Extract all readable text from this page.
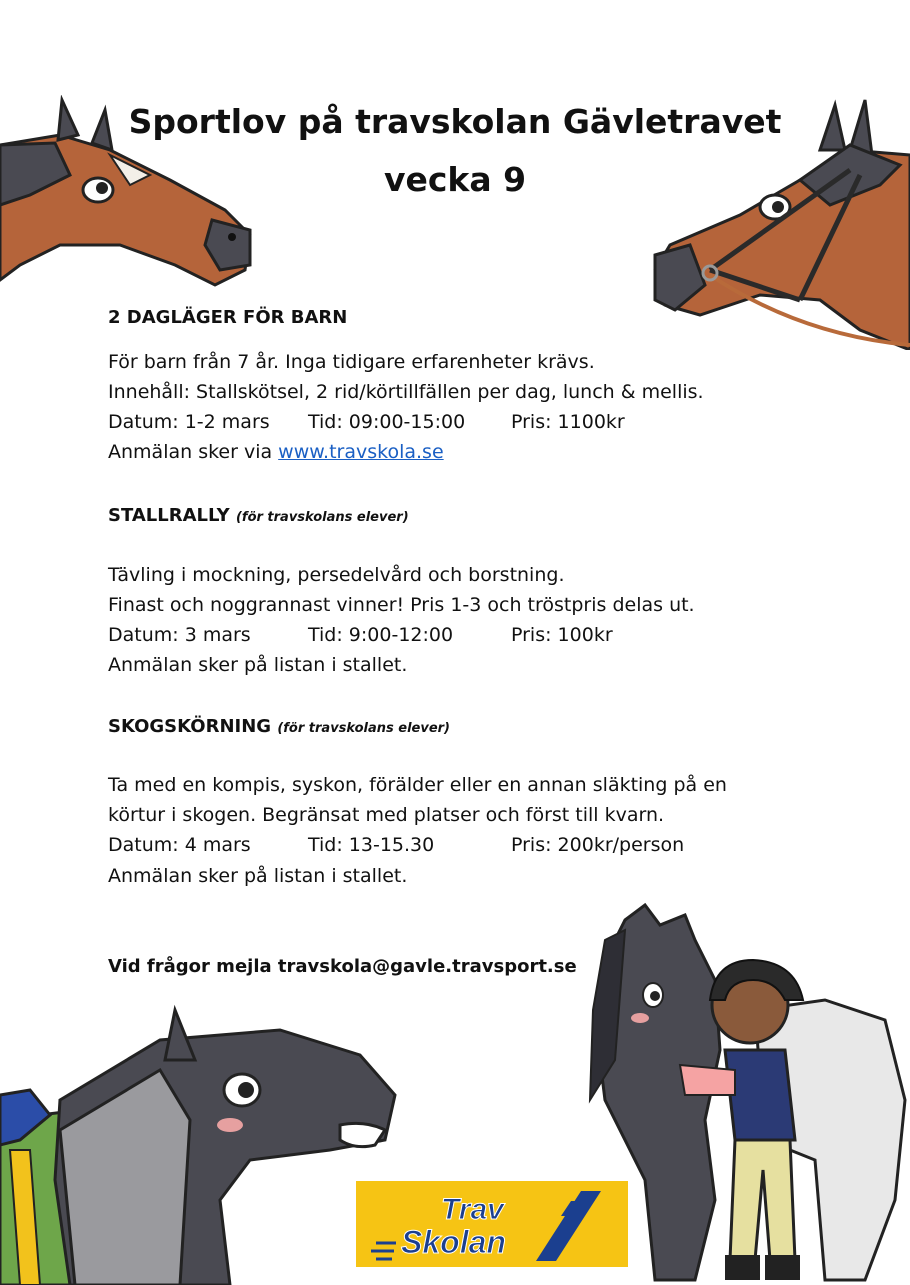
Sportlov på travskolan Gävletravet
vecka 9
2 DAGLÄGER FÖR BARN
För barn från 7 år. Inga tidigare erfarenheter krävs.
Innehåll: Stallskötsel, 2 rid/körtillfällen per dag, lunch & mellis.
Datum: 1-2 mars Tid: 09:00-15:00 Pris: 1100kr
Anmälan sker via www.travskola.se
STALLRALLY (för travskolans elever)
Tävling i mockning, persedelvård och borstning.
Finast och noggrannast vinner! Pris 1-3 och tröstpris delas ut.
Datum: 3 mars	Tid: 9:00-12:00	Pris: 100kr
Anmälan sker på listan i stallet.
SKOGSKÖRNING (för travskolans elever)
Ta med en kompis, syskon, förälder eller en annan släkting på en
körtur i skogen. Begränsat med platser och först till kvarn.
Datum: 4 mars	Tid: 13-15.30	Pris: 200kr/person
Anmälan sker på listan i stallet.
Vid frågor mejla travskola@gavle.travsport.se
Trav
Skolan
